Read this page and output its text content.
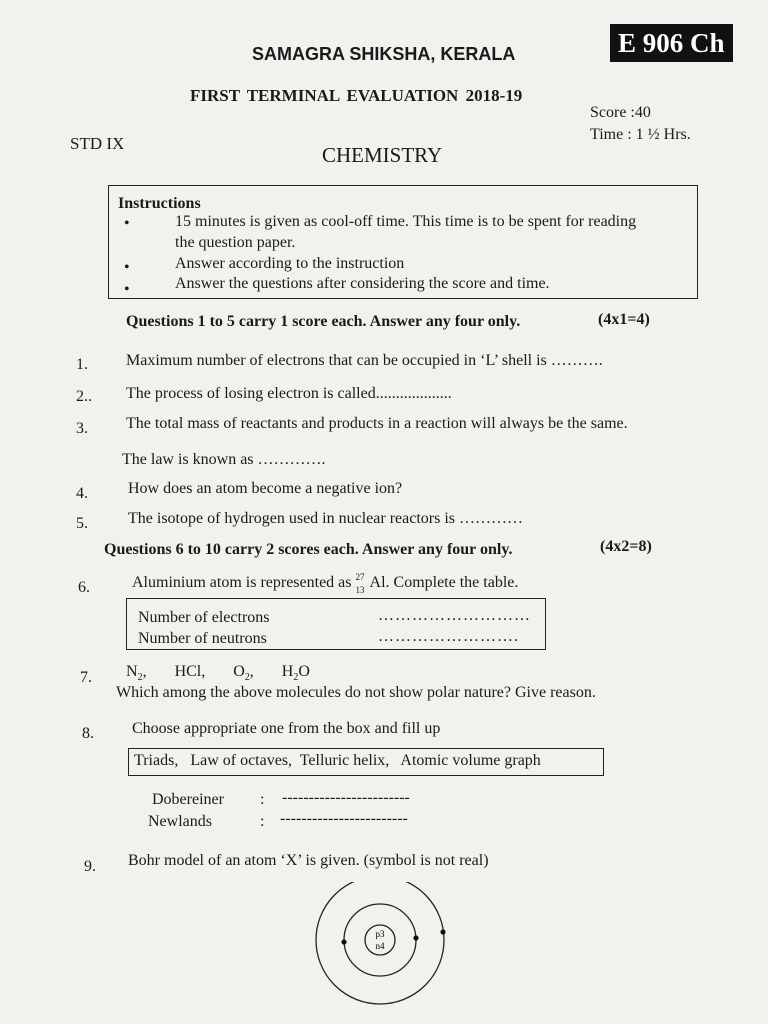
SAMAGRA SHIKSHA, KERALA	E 906 Ch
FIRST TERMINAL EVALUATION 2018-19
Score :40
Time : 1 ½ Hrs.
STD IX	CHEMISTRY
Instructions
•	15 minutes is given as cool-off time. This time is to be spent for reading
the question paper.
•	Answer according to the instruction
•	Answer the questions after considering the score and time.
Questions 1 to 5 carry 1 score each. Answer any four only.	(4x1=4)
1. Maximum number of electrons that can be occupied in ‘L’ shell is ……….
2.. The process of losing electron is called...................
3. The total mass of reactants and products in a reaction will always be the same.
The law is known as ………….
4.	How does an atom become a negative ion?
5.	The isotope of hydrogen used in nuclear reactors is …………
Questions 6 to 10 carry 2 scores each. Answer any four only.	(4x2=8)
6.	Aluminium atom is represented as 27
13 Al. Complete the table.
Number of electrons	………………………
Number of neutrons	…………………….
7. $N_2$, HCl, $O_2$, $H_2O$
Which among the above molecules do not show polar nature? Give reason.
8. Choose appropriate one from the box and fill up
Triads,   Law of octaves,  Telluric helix,   Atomic volume graph
Dobereiner : ------------------------
Newlands	: ------------------------
9. Bohr model of an atom ‘X’ is given. (symbol is not real)
p3
n4
